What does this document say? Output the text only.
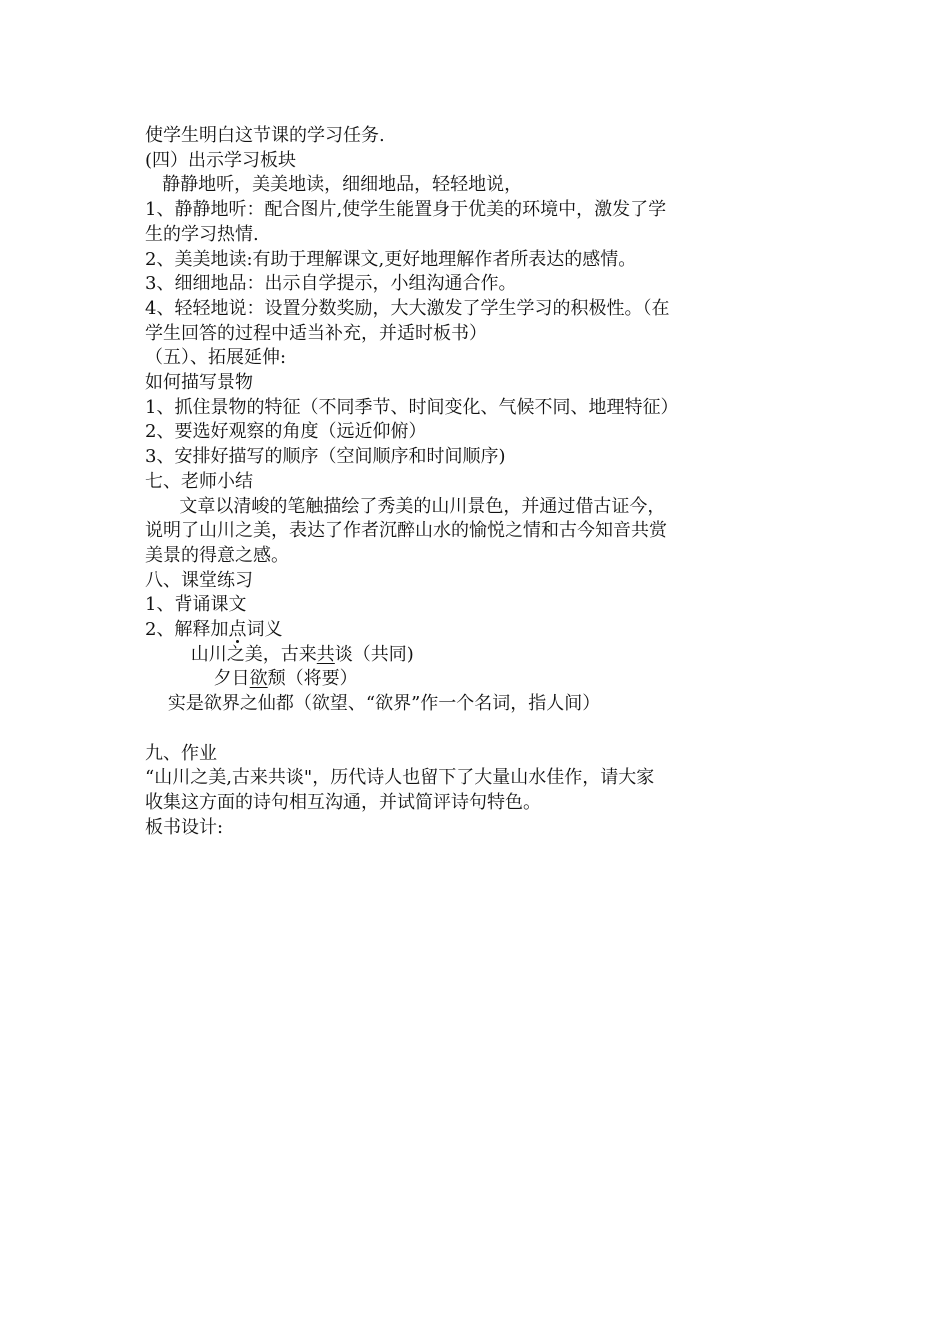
使学生明白这节课的学习任务.
(四）出示学习板块
静静地听，美美地读，细细地品，轻轻地说，
1、静静地听：配合图片,使学生能置身于优美的环境中，激发了学
生的学习热情.
2、美美地读:有助于理解课文,更好地理解作者所表达的感情。
3、细细地品：出示自学提示，小组沟通合作。
4、轻轻地说：设置分数奖励，大大激发了学生学习的积极性。（在
学生回答的过程中适当补充，并适时板书）
（五）、拓展延伸:
如何描写景物
1、抓住景物的特征（不同季节、时间变化、气候不同、地理特征）
2、要选好观察的角度（远近仰俯）
3、安排好描写的顺序（空间顺序和时间顺序)
七、老师小结
文章以清峻的笔触描绘了秀美的山川景色，并通过借古证今，
说明了山川之美，表达了作者沉醉山水的愉悦之情和古今知音共赏
美景的得意之感。
八、课堂练习
1、背诵课文
2、解释加点词义
山川之美，古来共谈（共同)
夕日欲颓（将要）
实是欲界之仙都（欲望、“欲界”作一个名词，指人间）
九、作业
“山川之美,古来共谈"，历代诗人也留下了大量山水佳作，请大家
收集这方面的诗句相互沟通，并试简评诗句特色。
板书设计:
